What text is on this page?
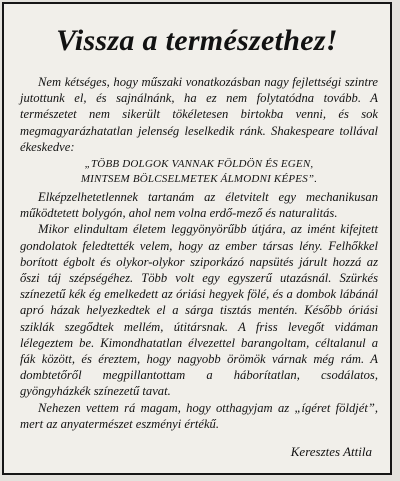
Vissza a természethez!

Nem kétséges, hogy műszaki vonatkozásban nagy fejlettségi szintre jutottunk el, és sajnálnánk, ha ez nem folytatódna tovább. A természetet nem sikerült tökéletesen birtokba venni, és sok megmagyarázhatatlan jelenség leselkedik ránk. Shakespeare tollával ékeskedve:

„TÖBB DOLGOK VANNAK FÖLDÖN ÉS EGEN,
MINTSEM BÖLCSELMETEK ÁLMODNI KÉPES”.

Elképzelhetetlennek tartanám az életvitelt egy mechanikusan működtetett bolygón, ahol nem volna erdő-mező és naturalitás.

Mikor elindultam életem leggyönyörűbb útjára, az imént kifejtett gondolatok feledtették velem, hogy az ember társas lény. Felhőkkel borított égbolt és olykor-olykor sziporkázó napsütés járult hozzá az őszi táj szépségéhez. Több volt egy egyszerű utazásnál. Szürkés színezetű kék ég emelkedett az óriási hegyek fölé, és a dombok lábánál apró házak helyezkedtek el a sárga tisztás mentén. Később óriási sziklák szegődtek mellém, útitársnak. A friss levegőt vidáman lélegeztem be. Kimondhatatlan élvezettel barangoltam, céltalanul a fák között, és éreztem, hogy nagyobb örömök várnak még rám. A dombtetőről megpillantottam a háborítatlan, csodálatos, gyöngyházkék színezetű tavat.

Nehezen vettem rá magam, hogy otthagyjam az „ígéret földjét”, mert az anyatermészet eszményi értékű.

Keresztes Attila
